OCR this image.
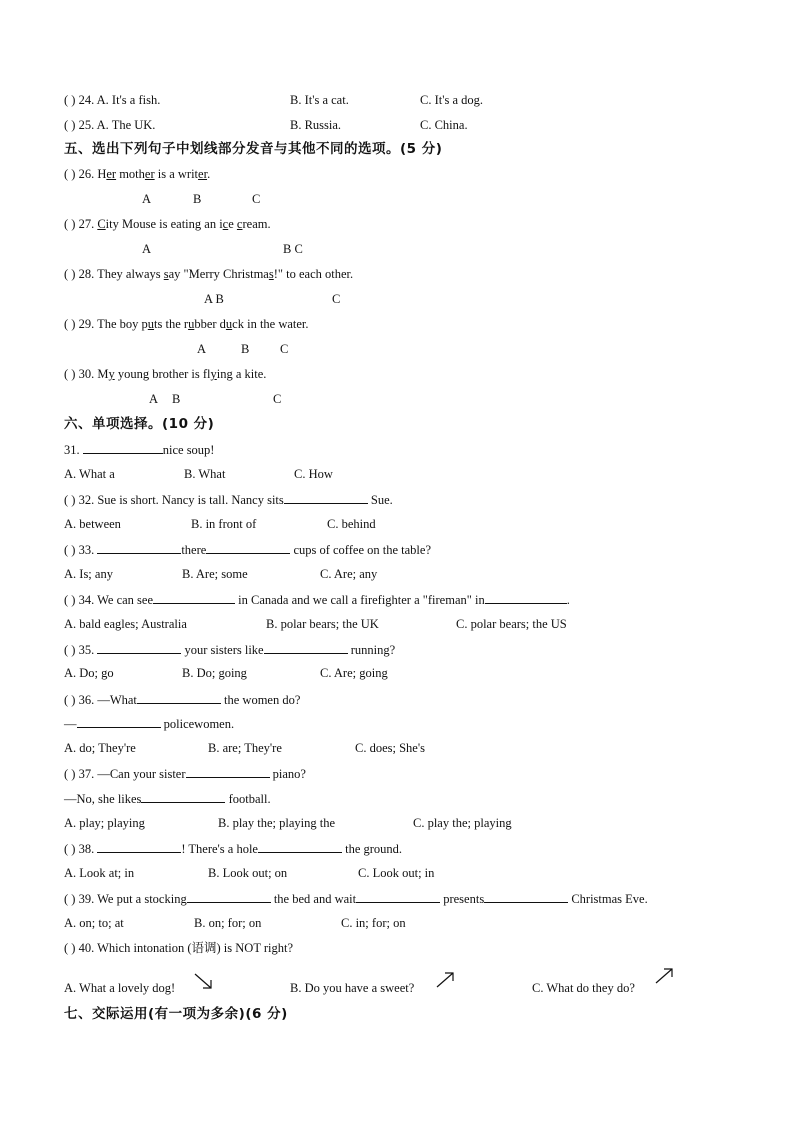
( ) 24. A. It's a fish.	B. It's a cat.	C. It's a dog.
( ) 25. A. The UK.	B. Russia.	C. China.
五、选出下列句子中划线部分发音与其他不同的选项。(5 分)
( ) 26. Her mother is a writer.
A	B	C
( ) 27. City Mouse is eating an ice cream.
A	B C
( ) 28. They always say "Merry Christmas!" to each other.
A B	C
( ) 29. The boy puts the rubber duck in the water.
A	B C
( ) 30. My young brother is flying a kite.
A B	C
六、单项选择。(10 分)
31.	nice soup!
A. What a	B. What	C. How
( ) 32. Sue is short. Nancy is tall. Nancy sits	Sue.
A. between	B. in front of	C. behind
( ) 33.	there	cups of coffee on the table?
A. Is; any	B. Are; some	C. Are; any
( ) 34. We can see	in Canada and we call a firefighter a "fireman" in	.
A. bald eagles; Australia	B. polar bears; the UK	C. polar bears; the US
( ) 35.	your sisters like	running?
A. Do; go	B. Do; going	C. Are; going
( ) 36. —What	the women do?
—	policewomen.
A. do; They're	B. are; They're	C. does; She's
( ) 37. —Can your sister	piano?
—No, she likes	football.
A. play; playing	B. play the; playing the	C. play the; playing
( ) 38.	! There's a hole	the ground.
A. Look at; in	B. Look out; on	C. Look out; in
( ) 39. We put a stocking	the bed and wait	presents	Christmas Eve.
A. on; to; at	B. on; for; on	C. in; for; on
( ) 40. Which intonation (语调) is NOT right?
A. What a lovely dog!	B. Do you have a sweet?	C. What do they do?
七、交际运用(有一项为多余)(6 分)
